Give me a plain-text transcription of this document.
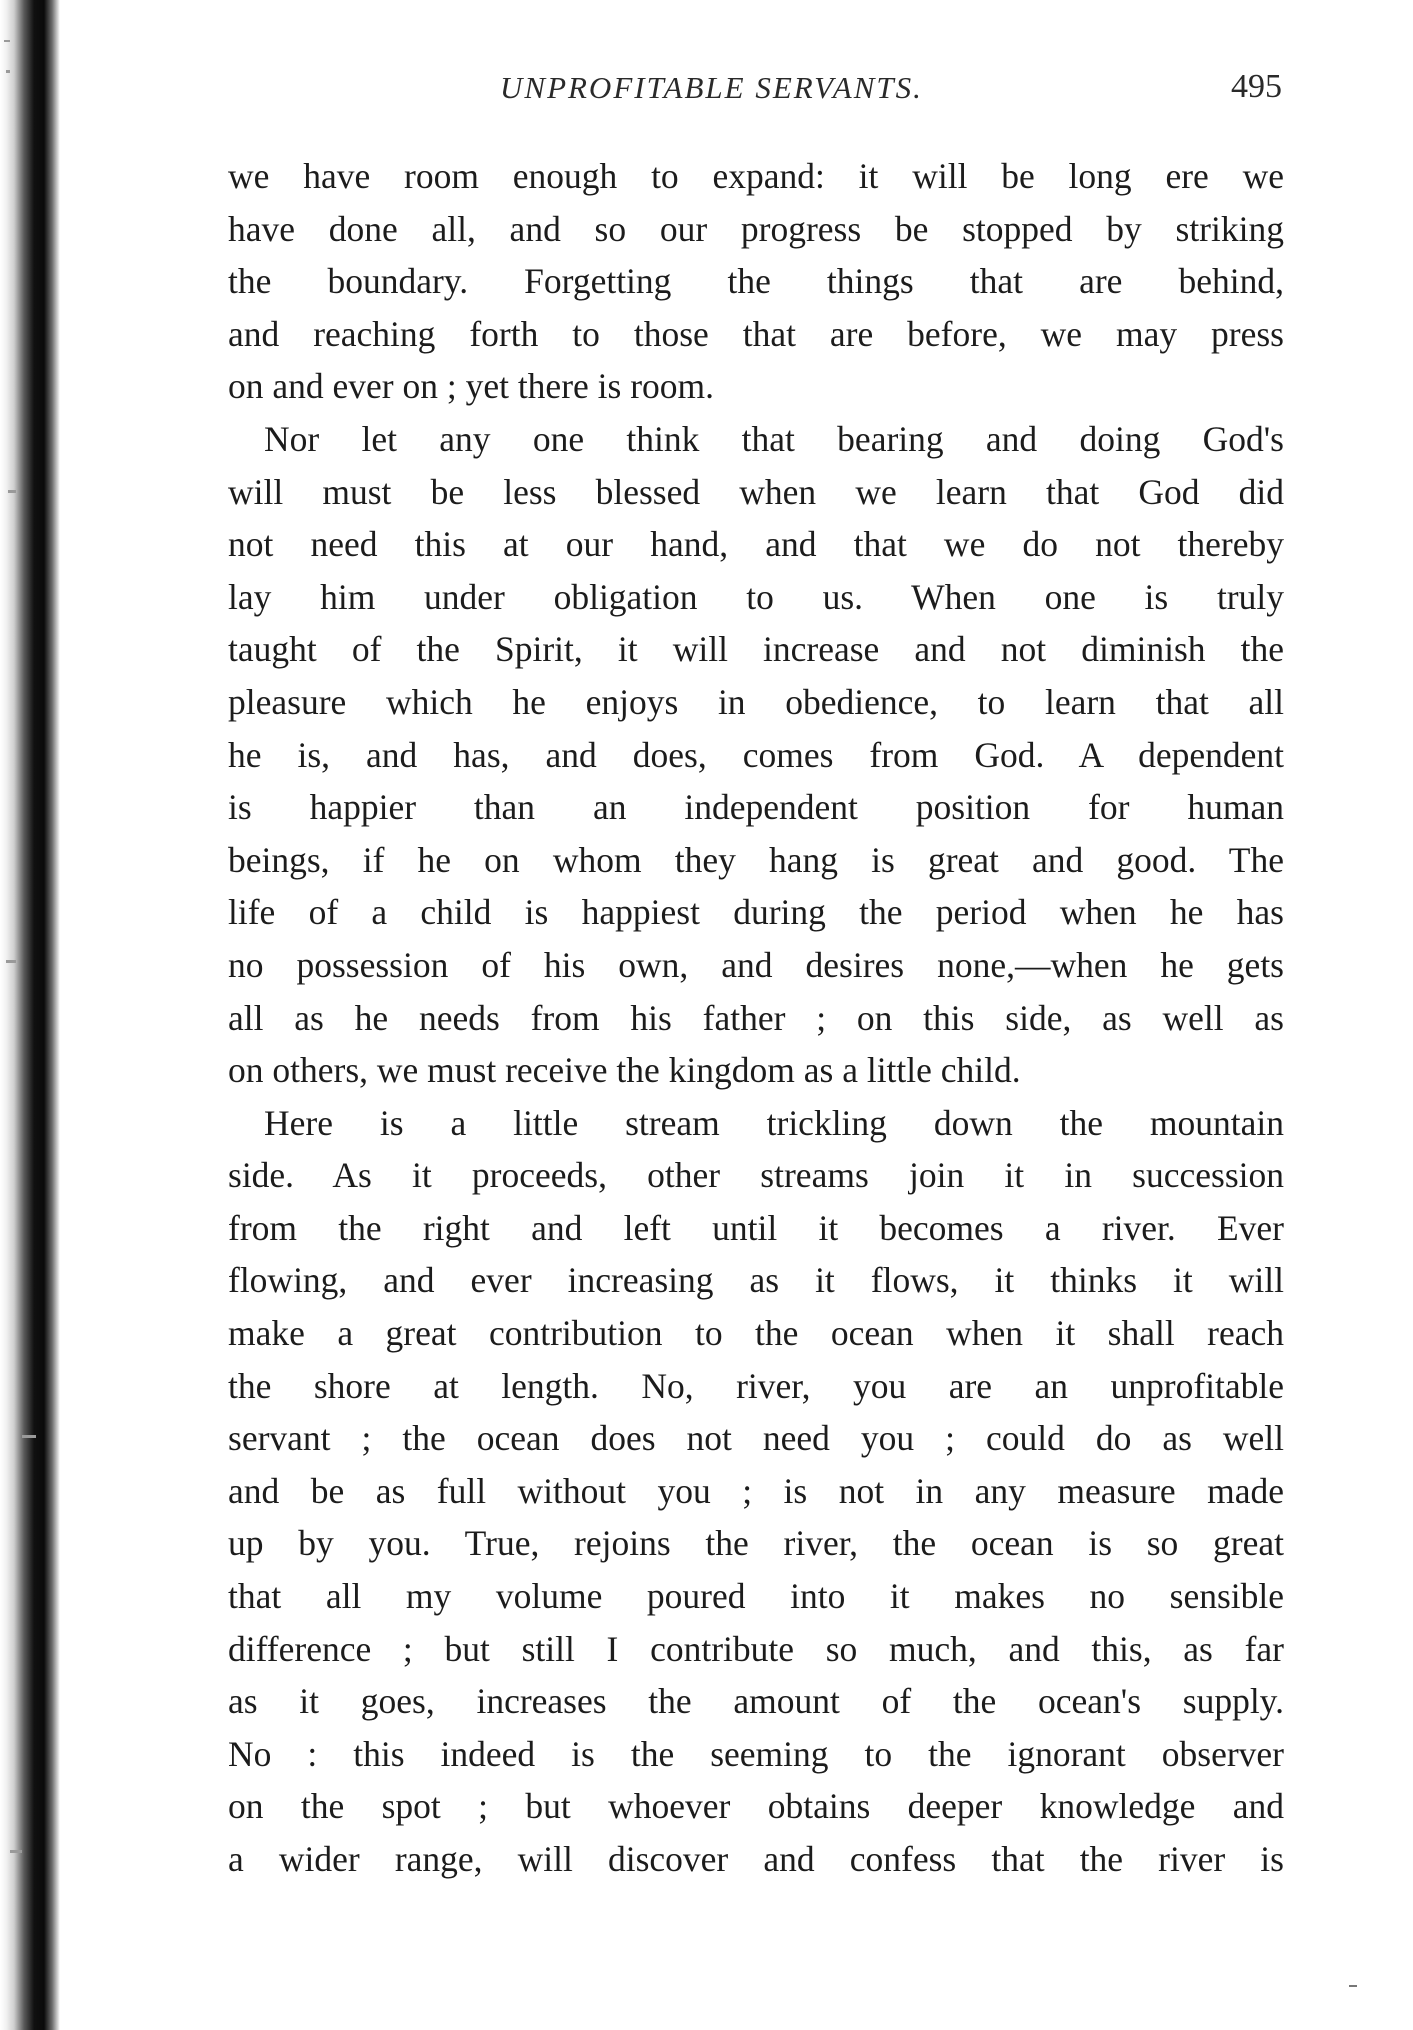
UNPROFITABLE SERVANTS.	495
we have room enough to expand: it will be long ere we
have done all, and so our progress be stopped by striking
the boundary. Forgetting the things that are behind,
and reaching forth to those that are before, we may press
on and ever on ; yet there is room.
Nor let any one think that bearing and doing God's
will must be less blessed when we learn that God did
not need this at our hand, and that we do not thereby
lay him under obligation to us. When one is truly
taught of the Spirit, it will increase and not diminish the
pleasure which he enjoys in obedience, to learn that all
he is, and has, and does, comes from God. A dependent
is happier than an independent position for human
beings, if he on whom they hang is great and good. The
life of a child is happiest during the period when he has
no possession of his own, and desires none,—when he gets
all as he needs from his father ; on this side, as well as
on others, we must receive the kingdom as a little child.
Here is a little stream trickling down the mountain
side. As it proceeds, other streams join it in succession
from the right and left until it becomes a river. Ever
flowing, and ever increasing as it flows, it thinks it will
make a great contribution to the ocean when it shall reach
the shore at length. No, river, you are an unprofitable
servant ; the ocean does not need you ; could do as well
and be as full without you ; is not in any measure made
up by you. True, rejoins the river, the ocean is so great
that all my volume poured into it makes no sensible
difference ; but still I contribute so much, and this, as far
as it goes, increases the amount of the ocean's supply.
No : this indeed is the seeming to the ignorant observer
on the spot ; but whoever obtains deeper knowledge and
a wider range, will discover and confess that the river is
